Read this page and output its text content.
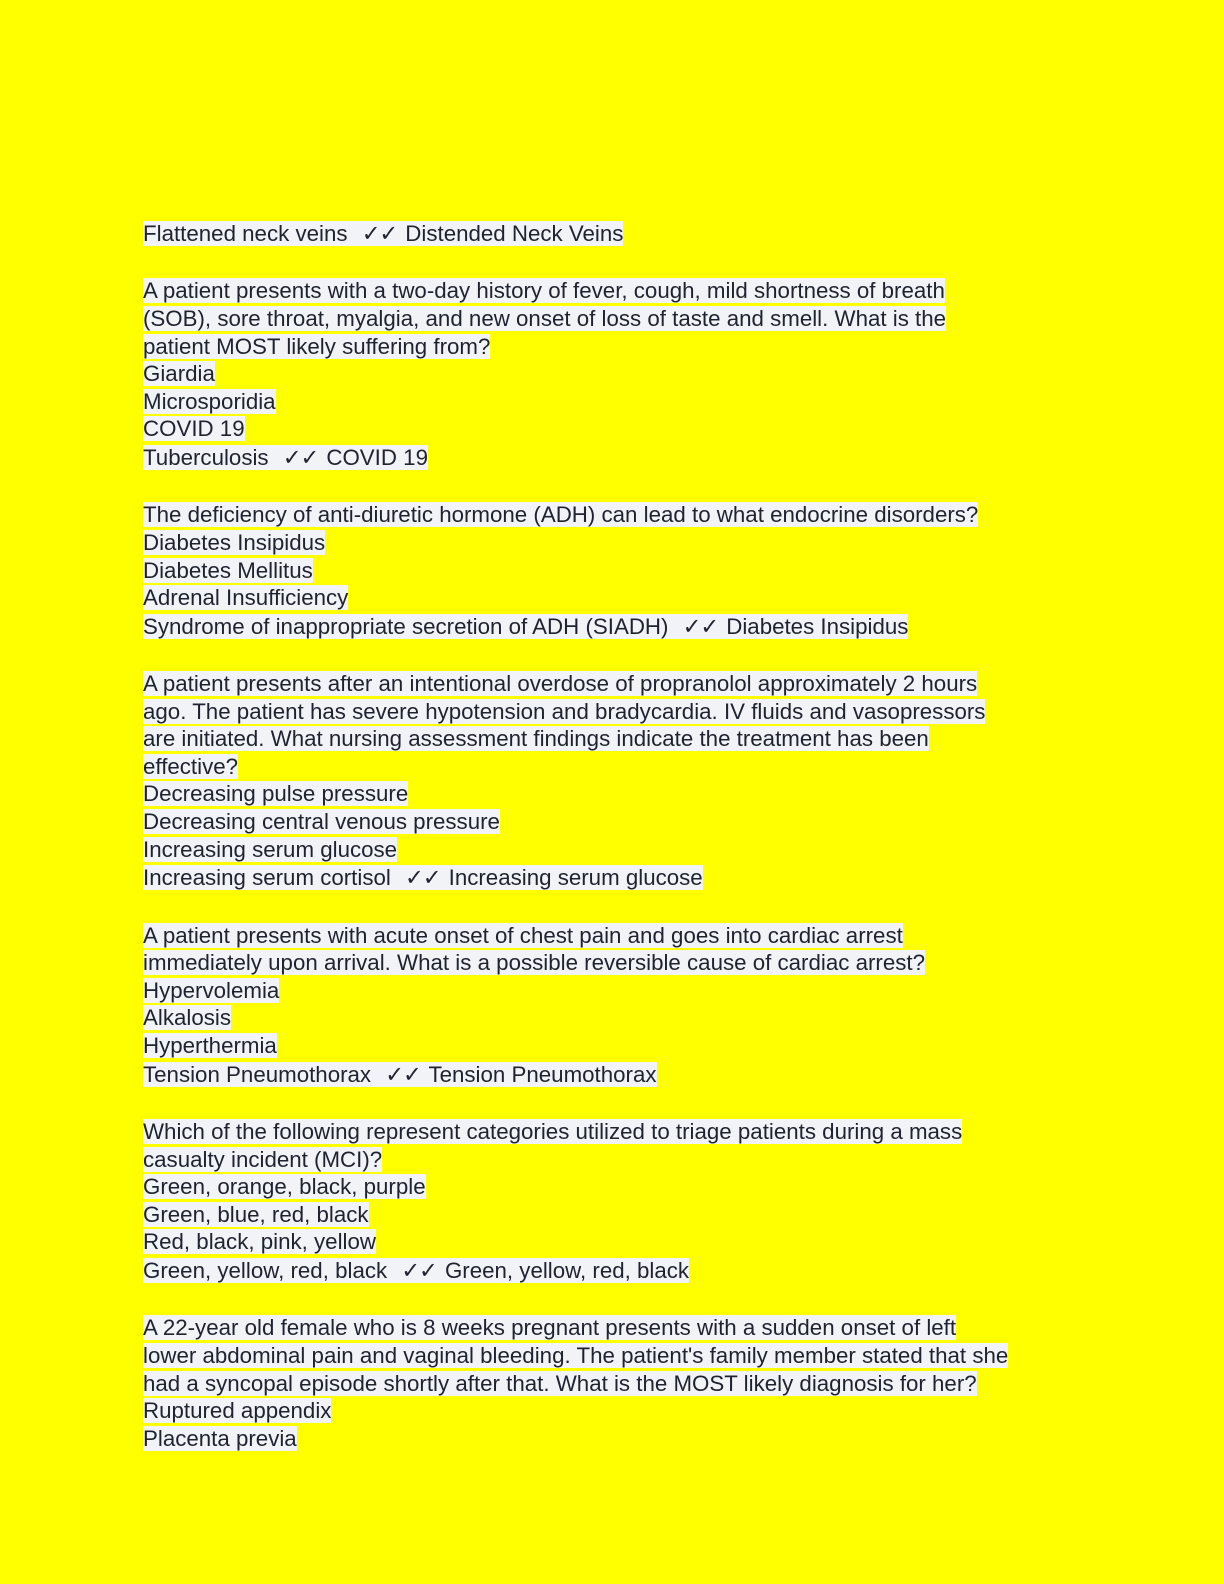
Flattened neck veins ✓✓ Distended Neck Veins
A patient presents with a two-day history of fever, cough, mild shortness of breath
(SOB), sore throat, myalgia, and new onset of loss of taste and smell. What is the
patient MOST likely suffering from?
Giardia
Microsporidia
COVID 19
Tuberculosis ✓✓ COVID 19
The deficiency of anti-diuretic hormone (ADH) can lead to what endocrine disorders?
Diabetes Insipidus
Diabetes Mellitus
Adrenal Insufficiency
Syndrome of inappropriate secretion of ADH (SIADH) ✓✓ Diabetes Insipidus
A patient presents after an intentional overdose of propranolol approximately 2 hours
ago. The patient has severe hypotension and bradycardia. IV fluids and vasopressors
are initiated. What nursing assessment findings indicate the treatment has been
effective?
Decreasing pulse pressure
Decreasing central venous pressure
Increasing serum glucose
Increasing serum cortisol ✓✓ Increasing serum glucose
A patient presents with acute onset of chest pain and goes into cardiac arrest
immediately upon arrival. What is a possible reversible cause of cardiac arrest?
Hypervolemia
Alkalosis
Hyperthermia
Tension Pneumothorax ✓✓ Tension Pneumothorax
Which of the following represent categories utilized to triage patients during a mass
casualty incident (MCI)?
Green, orange, black, purple
Green, blue, red, black
Red, black, pink, yellow
Green, yellow, red, black ✓✓ Green, yellow, red, black
A 22-year old female who is 8 weeks pregnant presents with a sudden onset of left
lower abdominal pain and vaginal bleeding. The patient's family member stated that she
had a syncopal episode shortly after that. What is the MOST likely diagnosis for her?
Ruptured appendix
Placenta previa
